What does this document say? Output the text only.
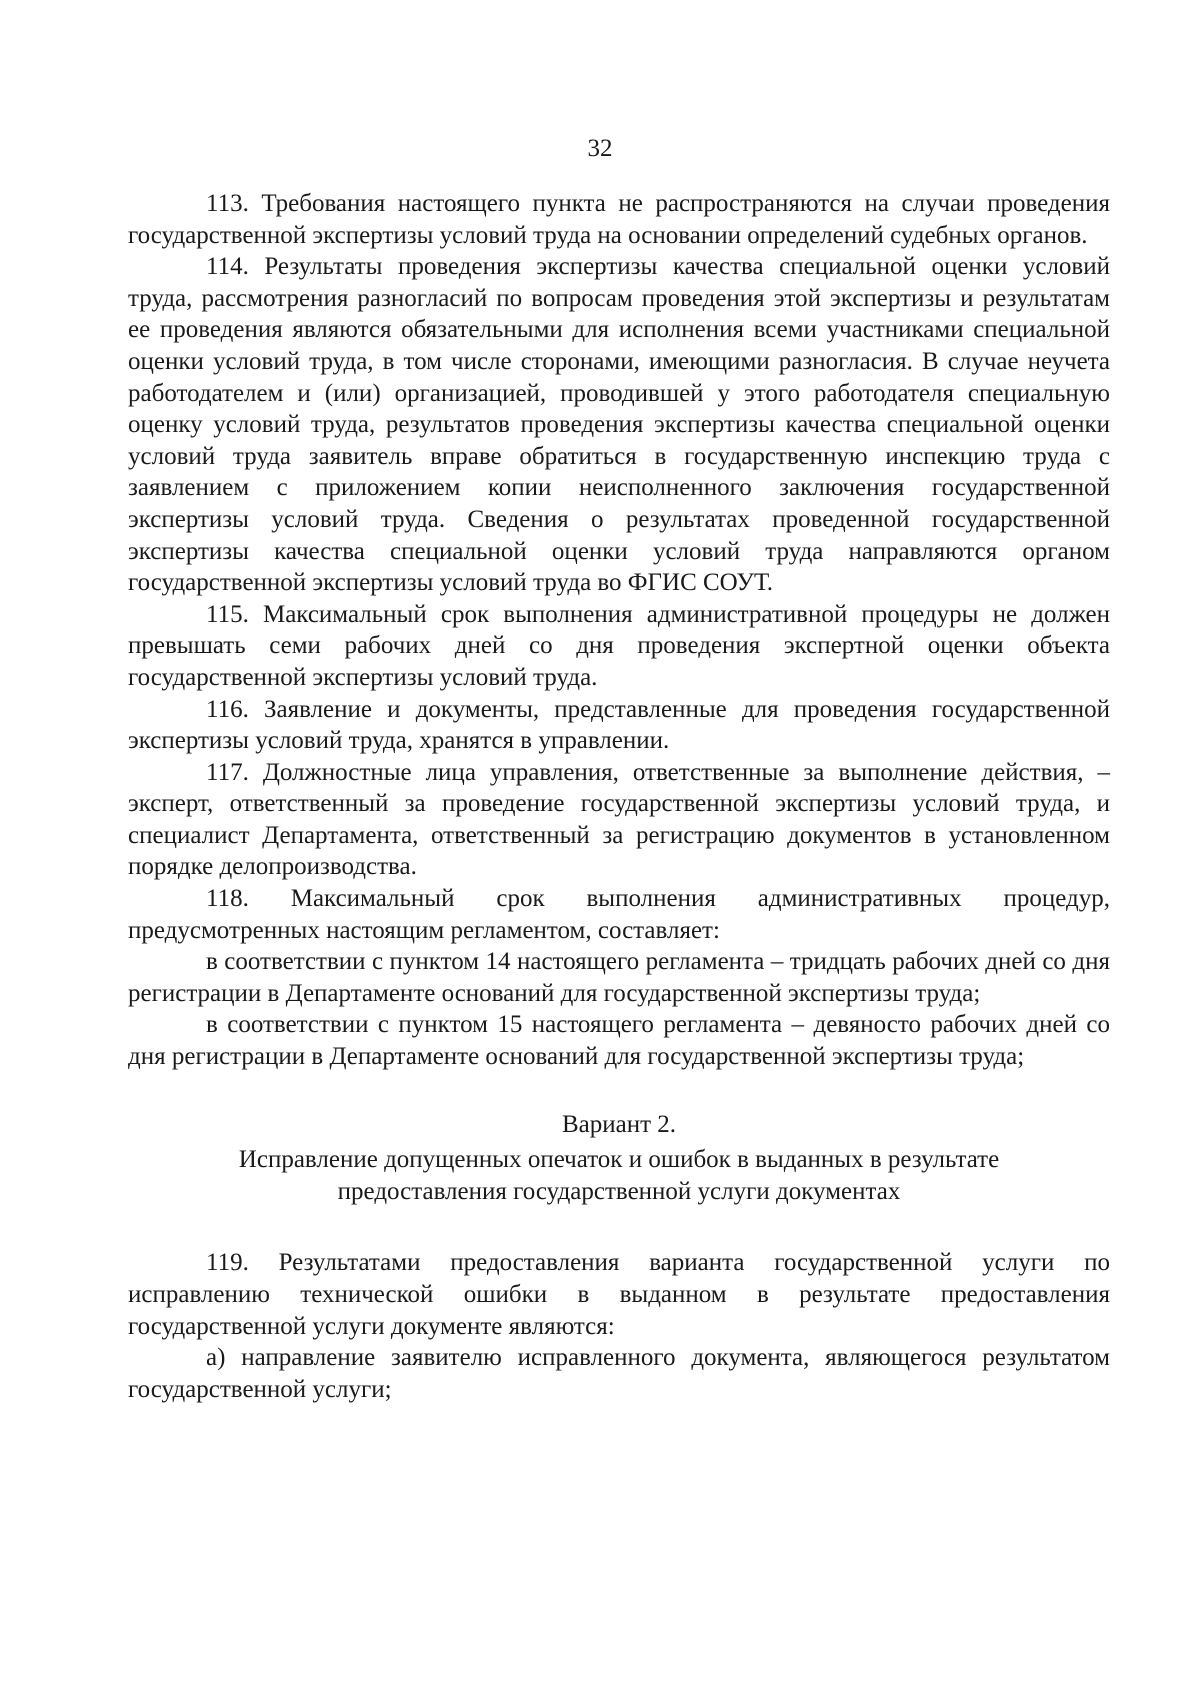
32

113. Требования настоящего пункта не распространяются на случаи проведения государственной экспертизы условий труда на основании определений судебных органов.

114. Результаты проведения экспертизы качества специальной оценки условий труда, рассмотрения разногласий по вопросам проведения этой экспертизы и результатам ее проведения являются обязательными для исполнения всеми участниками специальной оценки условий труда, в том числе сторонами, имеющими разногласия. В случае неучета работодателем и (или) организацией, проводившей у этого работодателя специальную оценку условий труда, результатов проведения экспертизы качества специальной оценки условий труда заявитель вправе обратиться в государственную инспекцию труда с заявлением с приложением копии неисполненного заключения государственной экспертизы условий труда. Сведения о результатах проведенной государственной экспертизы качества специальной оценки условий труда направляются органом государственной экспертизы условий труда во ФГИС СОУТ.

115. Максимальный срок выполнения административной процедуры не должен превышать семи рабочих дней со дня проведения экспертной оценки объекта государственной экспертизы условий труда.

116. Заявление и документы, представленные для проведения государственной экспертизы условий труда, хранятся в управлении.

117. Должностные лица управления, ответственные за выполнение действия, – эксперт, ответственный за проведение государственной экспертизы условий труда, и специалист Департамента, ответственный за регистрацию документов в установленном порядке делопроизводства.

118. Максимальный срок выполнения административных процедур, предусмотренных настоящим регламентом, составляет:

в соответствии с пунктом 14 настоящего регламента – тридцать рабочих дней со дня регистрации в Департаменте оснований для государственной экспертизы труда;

в соответствии с пунктом 15 настоящего регламента – девяносто рабочих дней со дня регистрации в Департаменте оснований для государственной экспертизы труда;

Вариант 2.

Исправление допущенных опечаток и ошибок в выданных в результате предоставления государственной услуги документах

119. Результатами предоставления варианта государственной услуги по исправлению технической ошибки в выданном в результате предоставления государственной услуги документе являются:

а) направление заявителю исправленного документа, являющегося результатом государственной услуги;
